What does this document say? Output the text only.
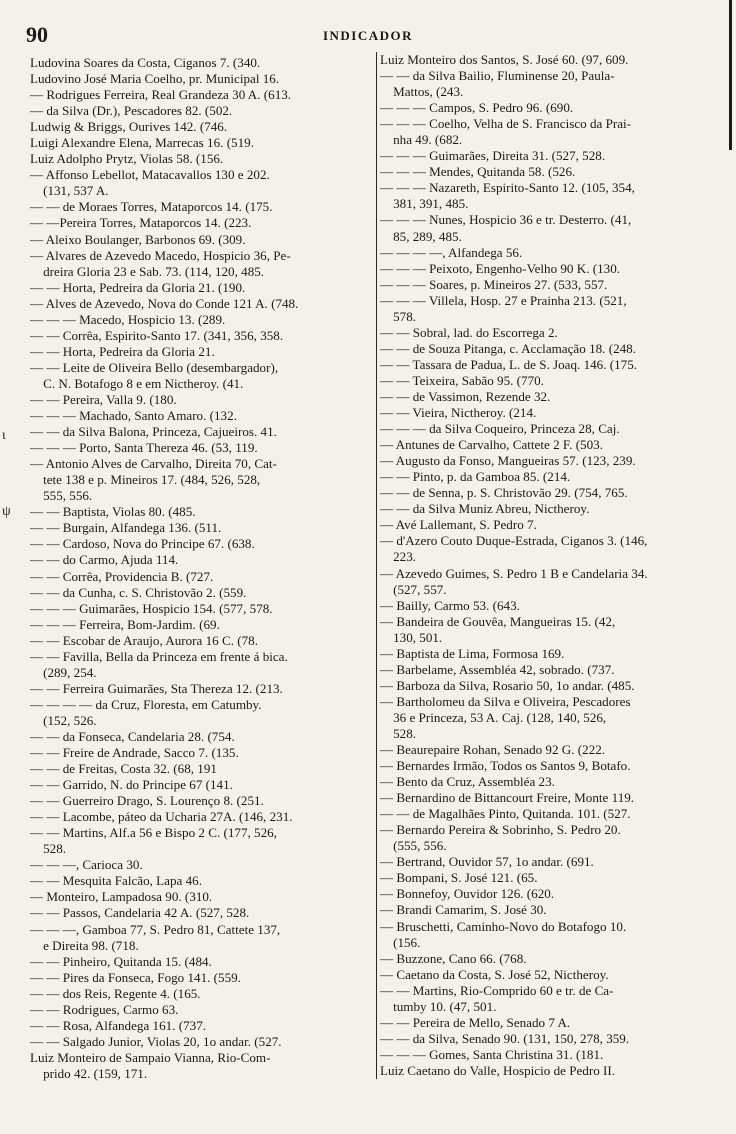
90	INDICADOR
ι
ψ
Ludovina Soares da Costa, Ciganos 7. (340.
Ludovino José Maria Coelho, pr. Municipal 16.
— Rodrigues Ferreira, Real Grandeza 30 A. (613.
— da Silva (Dr.), Pescadores 82. (502.
Ludwig & Briggs, Ourives 142. (746.
Luigi Alexandre Elena, Marrecas 16. (519.
Luiz Adolpho Prytz, Violas 58. (156.
— Affonso Lebellot, Matacavallos 130 e 202.
(131, 537 A.
— — de Moraes Torres, Mataporcos 14. (175.
— —Pereira Torres, Mataporcos 14. (223.
— Aleixo Boulanger, Barbonos 69. (309.
— Alvares de Azevedo Macedo, Hospicio 36, Pe-
dreira Gloria 23 e Sab. 73. (114, 120, 485.
— — Horta, Pedreira da Gloria 21. (190.
— Alves de Azevedo, Nova do Conde 121 A. (748.
— — — Macedo, Hospicio 13. (289.
— — Corrêa, Espirito-Santo 17. (341, 356, 358.
— — Horta, Pedreira da Gloria 21.
— — Leite de Oliveira Bello (desembargador),
C. N. Botafogo 8 e em Nictheroy. (41.
— — Pereira, Valla 9. (180.
— — — Machado, Santo Amaro. (132.
— — da Silva Balona, Princeza, Cajueiros. 41.
— — — Porto, Santa Thereza 46. (53, 119.
— Antonio Alves de Carvalho, Direita 70, Cat-
tete 138 e p. Mineiros 17. (484, 526, 528,
555, 556.
— — Baptista, Violas 80. (485.
— — Burgain, Alfandega 136. (511.
— — Cardoso, Nova do Principe 67. (638.
— — do Carmo, Ajuda 114.
— — Corrêa, Providencia B. (727.
— — da Cunha, c. S. Christovão 2. (559.
— — — Guimarães, Hospicio 154. (577, 578.
— — — Ferreira, Bom-Jardim. (69.
— — Escobar de Araujo, Aurora 16 C. (78.
— — Favilla, Bella da Princeza em frente á bica.
(289, 254.
— — Ferreira Guimarães, Sta Thereza 12. (213.
— — — — da Cruz, Floresta, em Catumby.
(152, 526.
— — da Fonseca, Candelaria 28. (754.
— — Freire de Andrade, Sacco 7. (135.
— — de Freitas, Costa 32. (68, 191
— — Garrido, N. do Principe 67 (141.
— — Guerreiro Drago, S. Lourenço 8. (251.
— — Lacombe, páteo da Ucharia 27A. (146, 231.
— — Martins, Alf.a 56 e Bispo 2 C. (177, 526,
528.
— — —, Carioca 30.
— — Mesquita Falcão, Lapa 46.
— Monteiro, Lampadosa 90. (310.
— — Passos, Candelaria 42 A. (527, 528.
— — —, Gamboa 77, S. Pedro 81, Cattete 137,
e Direita 98. (718.
— — Pinheiro, Quitanda 15. (484.
— — Pires da Fonseca, Fogo 141. (559.
— — dos Reis, Regente 4. (165.
— — Rodrigues, Carmo 63.
— — Rosa, Alfandega 161. (737.
— — Salgado Junior, Violas 20, 1o andar. (527.
Luiz Monteiro de Sampaio Vianna, Rio-Com-
prido 42. (159, 171.
Luiz Monteiro dos Santos, S. José 60. (97, 609.
— — da Silva Bailio, Fluminense 20, Paula-
Mattos, (243.
— — — Campos, S. Pedro 96. (690.
— — — Coelho, Velha de S. Francisco da Prai-
nha 49. (682.
— — — Guimarães, Direita 31. (527, 528.
— — — Mendes, Quitanda 58. (526.
— — — Nazareth, Espirito-Santo 12. (105, 354,
381, 391, 485.
— — — Nunes, Hospicio 36 e tr. Desterro. (41,
85, 289, 485.
— — — —, Alfandega 56.
— — — Peixoto, Engenho-Velho 90 K. (130.
— — — Soares, p. Mineiros 27. (533, 557.
— — — Villela, Hosp. 27 e Prainha 213. (521,
578.
— — Sobral, lad. do Escorrega 2.
— — de Souza Pitanga, c. Acclamação 18. (248.
— — Tassara de Padua, L. de S. Joaq. 146. (175.
— — Teixeira, Sabão 95. (770.
— — de Vassimon, Rezende 32.
— — Vieira, Nictheroy. (214.
— — — da Silva Coqueiro, Princeza 28, Caj.
— Antunes de Carvalho, Cattete 2 F. (503.
— Augusto da Fonso, Mangueiras 57. (123, 239.
— — Pinto, p. da Gamboa 85. (214.
— — de Senna, p. S. Christovão 29. (754, 765.
— — da Silva Muniz Abreu, Nictheroy.
— Avé Lallemant, S. Pedro 7.
— d'Azero Couto Duque-Estrada, Ciganos 3. (146,
223.
— Azevedo Guimes, S. Pedro 1 B e Candelaria 34.
(527, 557.
— Bailly, Carmo 53. (643.
— Bandeira de Gouvêa, Mangueiras 15. (42,
130, 501.
— Baptista de Lima, Formosa 169.
— Barbelame, Assembléa 42, sobrado. (737.
— Barboza da Silva, Rosario 50, 1o andar. (485.
— Bartholomeu da Silva e Oliveira, Pescadores
36 e Princeza, 53 A. Caj. (128, 140, 526,
528.
— Beaurepaire Rohan, Senado 92 G. (222.
— Bernardes Irmão, Todos os Santos 9, Botafo.
— Bento da Cruz, Assembléa 23.
— Bernardino de Bittancourt Freire, Monte 119.
— — de Magalhães Pinto, Quitanda. 101. (527.
— Bernardo Pereira & Sobrinho, S. Pedro 20.
(555, 556.
— Bertrand, Ouvidor 57, 1o andar. (691.
— Bompani, S. José 121. (65.
— Bonnefoy, Ouvidor 126. (620.
— Brandi Camarim, S. José 30.
— Bruschetti, Caminho-Novo do Botafogo 10.
(156.
— Buzzone, Cano 66. (768.
— Caetano da Costa, S. José 52, Nictheroy.
— — Martins, Rio-Comprido 60 e tr. de Ca-
tumby 10. (47, 501.
— — Pereira de Mello, Senado 7 A.
— — da Silva, Senado 90. (131, 150, 278, 359.
— — — Gomes, Santa Christina 31. (181.
Luiz Caetano do Valle, Hospicio de Pedro II.
